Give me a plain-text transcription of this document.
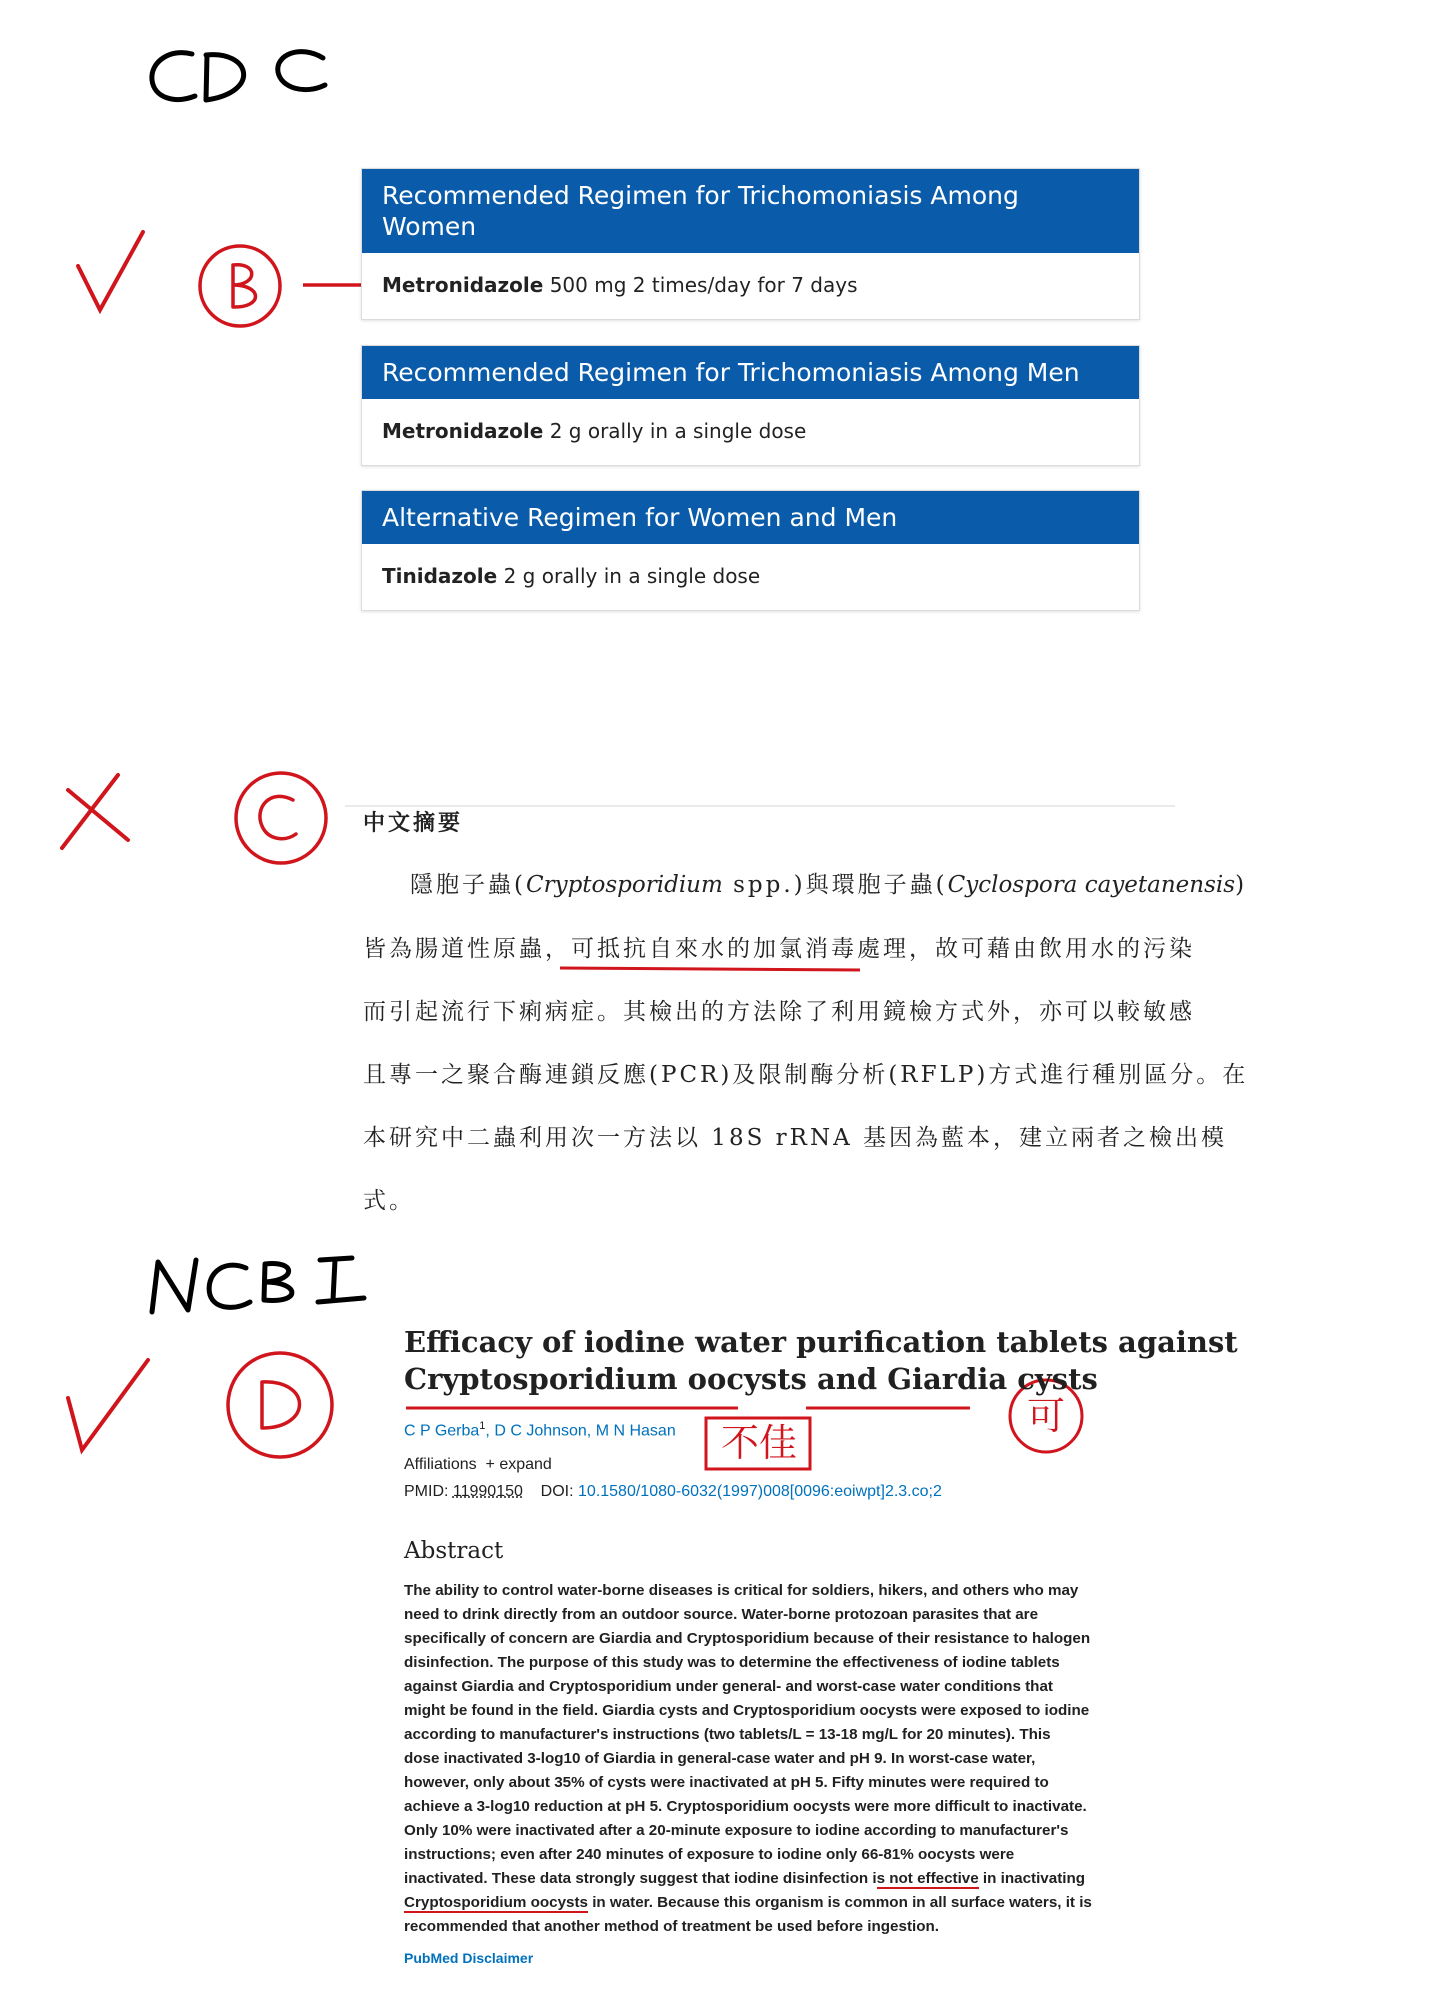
不佳
可
Recommended Regimen for Trichomoniasis Among Women
Metronidazole 500 mg 2 times/day for 7 days
Recommended Regimen for Trichomoniasis Among Men
Metronidazole 2 g orally in a single dose
Alternative Regimen for Women and Men
Tinidazole 2 g orally in a single dose
中文摘要
隱胞子蟲(Cryptosporidium spp.)與環胞子蟲(Cyclospora cayetanensis)
皆為腸道性原蟲，可抵抗自來水的加氯消毒處理，故可藉由飲用水的污染
而引起流行下痢病症。其檢出的方法除了利用鏡檢方式外，亦可以較敏感
且專一之聚合酶連鎖反應(PCR)及限制酶分析(RFLP)方式進行種別區分。在
本研究中二蟲利用次一方法以 18S rRNA 基因為藍本，建立兩者之檢出模
式。
Efficacy of iodine water purification tablets against
Cryptosporidium oocysts and Giardia cysts
C P Gerba$^1$, D C Johnson, M N Hasan
Affiliations + expand
PMID: 11990150 DOI: 10.1580/1080-6032(1997)008[0096:eoiwpt]2.3.co;2
Abstract
The ability to control water-borne diseases is critical for soldiers, hikers, and others who may
need to drink directly from an outdoor source. Water-borne protozoan parasites that are
specifically of concern are Giardia and Cryptosporidium because of their resistance to halogen
disinfection. The purpose of this study was to determine the effectiveness of iodine tablets
against Giardia and Cryptosporidium under general- and worst-case water conditions that
might be found in the field. Giardia cysts and Cryptosporidium oocysts were exposed to iodine
according to manufacturer's instructions (two tablets/L = 13-18 mg/L for 20 minutes). This
dose inactivated 3-log10 of Giardia in general-case water and pH 9. In worst-case water,
however, only about 35% of cysts were inactivated at pH 5. Fifty minutes were required to
achieve a 3-log10 reduction at pH 5. Cryptosporidium oocysts were more difficult to inactivate.
Only 10% were inactivated after a 20-minute exposure to iodine according to manufacturer's
instructions; even after 240 minutes of exposure to iodine only 66-81% oocysts were
inactivated. These data strongly suggest that iodine disinfection is not effective in inactivating
Cryptosporidium oocysts in water. Because this organism is common in all surface waters, it is
recommended that another method of treatment be used before ingestion.
PubMed Disclaimer
